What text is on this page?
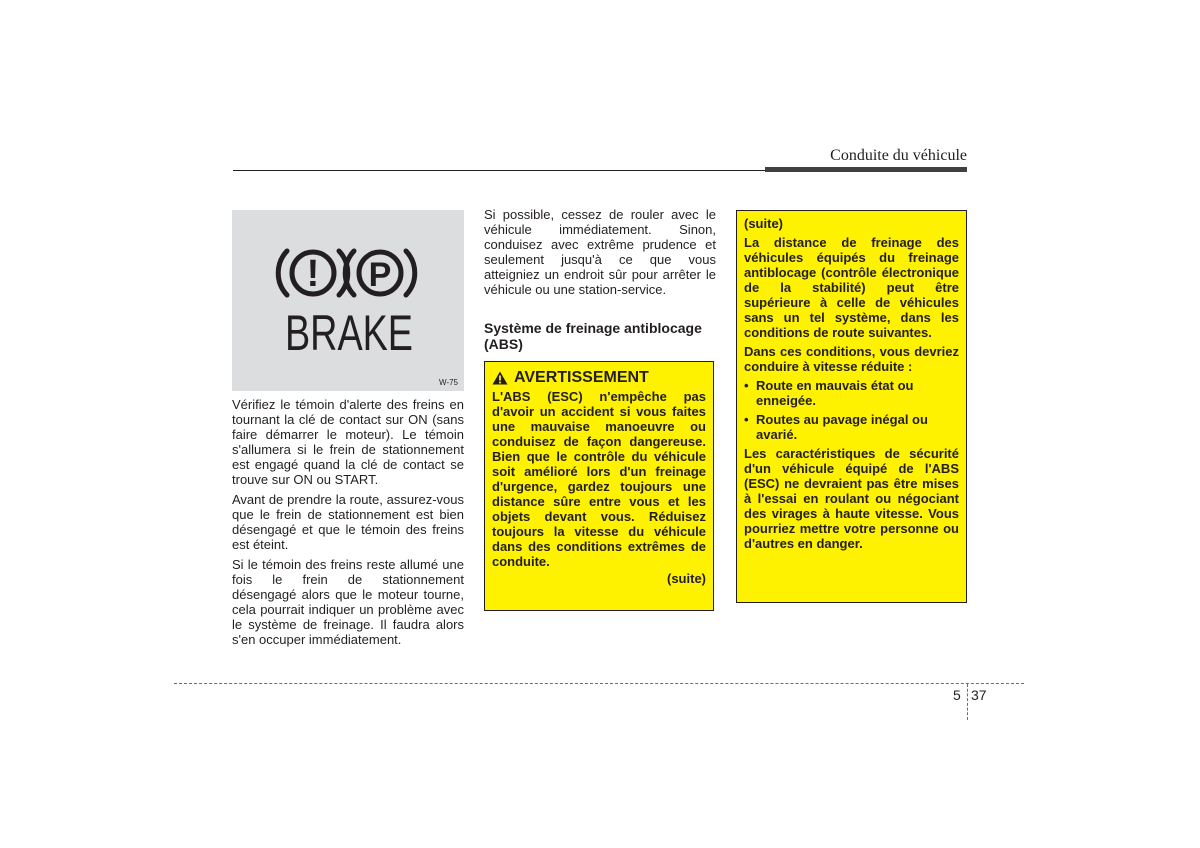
Conduite du véhicule
! P
BRAKE
W-75

Vérifiez le témoin d'alerte des freins en tournant la clé de contact sur ON (sans faire démarrer le moteur). Le témoin s'allumera si le frein de stationnement est engagé quand la clé de contact se trouve sur ON ou START.

Avant de prendre la route, assurez-vous que le frein de stationnement est bien désengagé et que le témoin des freins est éteint.

Si le témoin des freins reste allumé une fois le frein de stationnement désengagé alors que le moteur tourne, cela pourrait indiquer un problème avec le système de freinage. Il faudra alors s'en occuper immédiatement.

Si possible, cessez de rouler avec le véhicule immédiatement. Sinon, conduisez avec extrême prudence et seulement jusqu'à ce que vous atteigniez un endroit sûr pour arrêter le véhicule ou une station-service.

Système de freinage antiblocage (ABS)
AVERTISSEMENT
L'ABS (ESC) n'empêche pas d'avoir un accident si vous faites une mauvaise manoeuvre ou conduisez de façon dangereuse. Bien que le contrôle du véhicule soit amélioré lors d'un freinage d'urgence, gardez toujours une distance sûre entre vous et les objets devant vous. Réduisez toujours la vitesse du véhicule dans des conditions extrêmes de conduite.
(suite)

(suite)

La distance de freinage des véhicules équipés du freinage antiblocage (contrôle électronique de la stabilité) peut être supérieure à celle de véhicules sans un tel système, dans les conditions de route suivantes.

Dans ces conditions, vous devriez conduire à vitesse réduite :

• Route en mauvais état ou enneigée.
• Routes au pavage inégal ou avarié.

Les caractéristiques de sécurité d'un véhicule équipé de l'ABS (ESC) ne devraient pas être mises à l'essai en roulant ou négociant des virages à haute vitesse. Vous pourriez mettre votre personne ou d'autres en danger.

5 37
